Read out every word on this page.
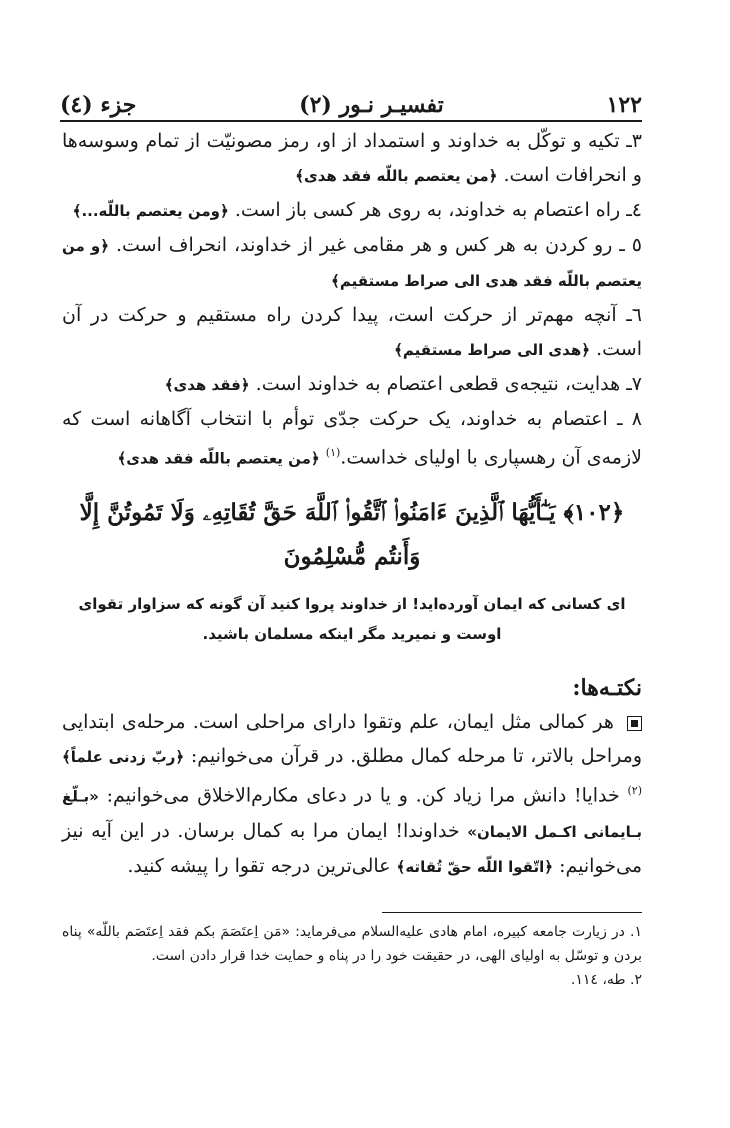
١٢٢
تفسیـر نـور (٢)
جزء (٤)

٣ـ تکیه و توکّل به خداوند و استمداد از او، رمز مصونیّت از تمام وسوسه‌ها و انحرافات است. ﴿من یعتصم باللّه فقد هدی﴾

٤ـ راه اعتصام به خداوند، به روی هر کسی باز است. ﴿ومن یعتصم باللّه...﴾

٥ ـ رو کردن به هر کس و هر مقامی غیر از خداوند، انحراف است. ﴿و من یعتصم باللّه فقد هدی الی صراط مستقیم﴾

٦ـ آنچه مهم‌تر از حرکت است، پیدا کردن راه مستقیم و حرکت در آن است. ﴿هدی الی صراط مستقیم﴾

٧ـ هدایت، نتیجه‌ی قطعی اعتصام به خداوند است. ﴿فقد هدی﴾

٨ ـ اعتصام به خداوند، یک حرکت جدّی توأم با انتخاب آگاهانه است که لازمه‌ی آن رهسپاری با اولیای خداست.$^{(١)}$ ﴿من یعتصم باللّه فقد هدی﴾

﴿١٠٢﴾ یَـٰٓأَیُّهَا ٱلَّذِینَ ءَامَنُوا۟ ٱتَّقُوا۟ ٱللَّهَ حَقَّ تُقَاتِهِۦ وَلَا تَمُوتُنَّ إِلَّا وَأَنتُم مُّسْلِمُونَ
ای کسانی که ایمان آورده‌اید! از خداوند پروا کنید آن گونه که سزاوار تقوای اوست و نمیرید مگر اینکه مسلمان باشید.
نکتـه‌ها:

هر کمالی مثل ایمان، علم وتقوا دارای مراحلی است. مرحله‌ی ابتدایی ومراحل بالاتر، تا مرحله کمال مطلق. در قرآن می‌خوانیم: ﴿ربّ زدنی علماً﴾$^{(٢)}$ خدایا! دانش مرا زیاد کن. و یا در دعای مکارم‌الاخلاق می‌خوانیم: «بـلّغ بـایمانی اکـمل الایمان» خداوندا! ایمان مرا به کمال برسان. در این آیه نیز می‌خوانیم: ﴿اتّقوا اللّه حقّ تُقاته﴾ عالی‌ترین درجه تقوا را پیشه کنید.

١. در زیارت جامعه کبیره، امام هادی علیه‌السلام می‌فرماید: «مَن اِعتَصَمَ بکم فقد اِعتَصَم باللّه» پناه بردن و توسّل به اولیای الهی، در حقیقت خود را در پناه و حمایت خدا قرار دادن است.
٢. طه، ١١٤.
